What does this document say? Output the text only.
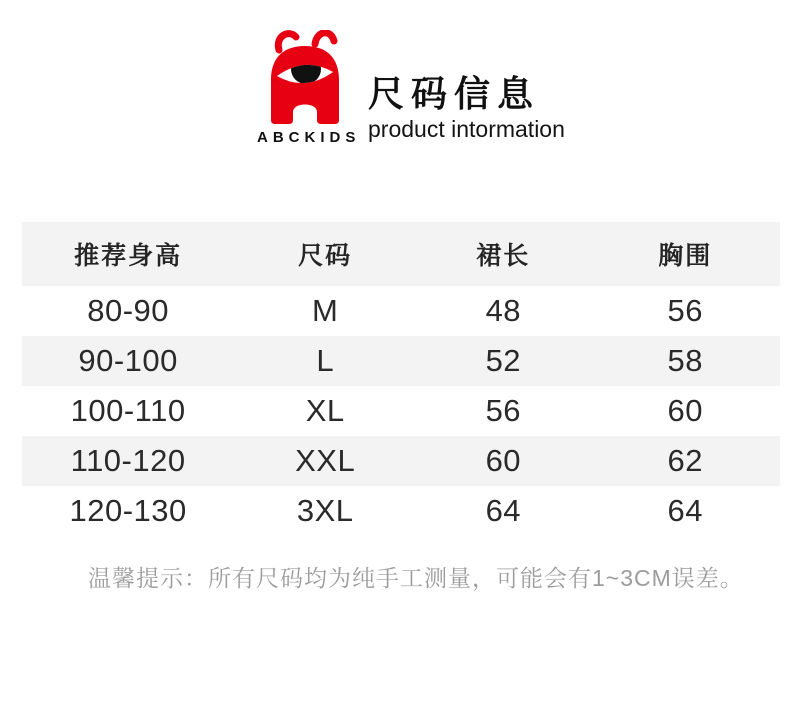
ABCKIDS
尺码信息
product intormation
推荐身高	尺码	裙长	胸围
80-90	M	48	56
90-100	L	52	58
100-110	XL	56	60
110-120	XXL	60	62
120-130	3XL	64	64
温馨提示：所有尺码均为纯手工测量，可能会有1~3CM误差。
